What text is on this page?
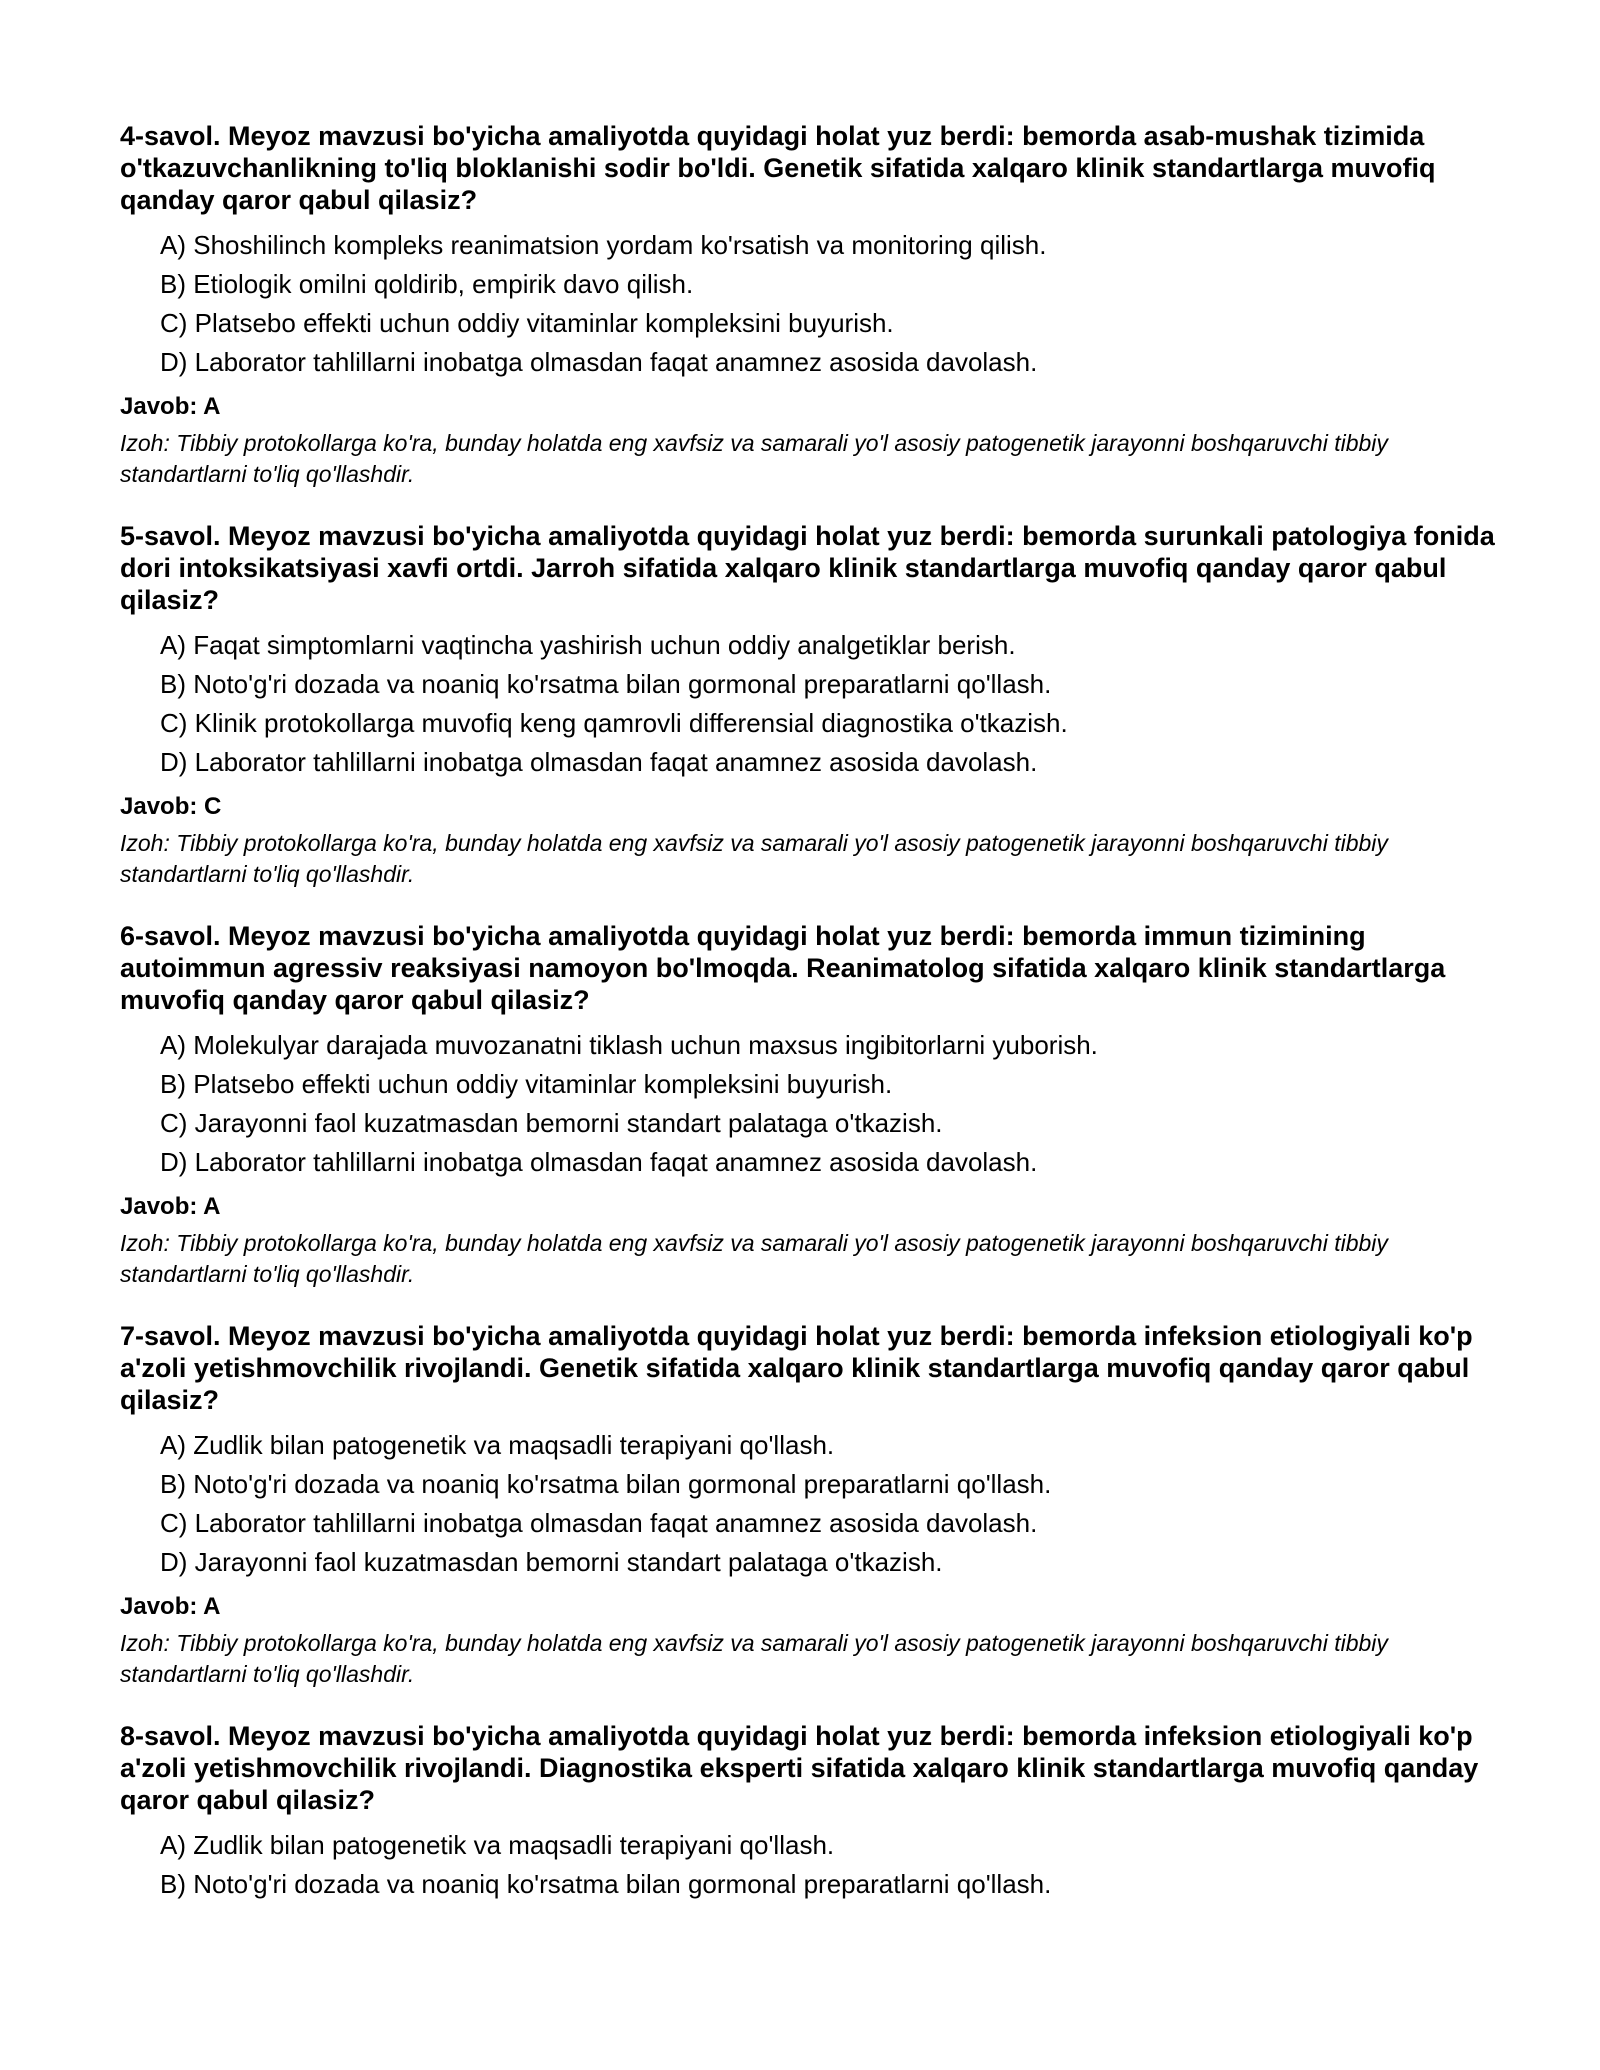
4-savol. Meyoz mavzusi bo'yicha amaliyotda quyidagi holat yuz berdi: bemorda asab-mushak tizimida o'tkazuvchanlikning to'liq bloklanishi sodir bo'ldi. Genetik sifatida xalqaro klinik standartlarga muvofiq qanday qaror qabul qilasiz?
A) Shoshilinch kompleks reanimatsion yordam ko'rsatish va monitoring qilish.
B) Etiologik omilni qoldirib, empirik davo qilish.
C) Platsebo effekti uchun oddiy vitaminlar kompleksini buyurish.
D) Laborator tahlillarni inobatga olmasdan faqat anamnez asosida davolash.
Javob: A
Izoh: Tibbiy protokollarga ko'ra, bunday holatda eng xavfsiz va samarali yo'l asosiy patogenetik jarayonni boshqaruvchi tibbiy standartlarni to'liq qo'llashdir.
5-savol. Meyoz mavzusi bo'yicha amaliyotda quyidagi holat yuz berdi: bemorda surunkali patologiya fonida dori intoksikatsiyasi xavfi ortdi. Jarroh sifatida xalqaro klinik standartlarga muvofiq qanday qaror qabul qilasiz?
A) Faqat simptomlarni vaqtincha yashirish uchun oddiy analgetiklar berish.
B) Noto'g'ri dozada va noaniq ko'rsatma bilan gormonal preparatlarni qo'llash.
C) Klinik protokollarga muvofiq keng qamrovli differensial diagnostika o'tkazish.
D) Laborator tahlillarni inobatga olmasdan faqat anamnez asosida davolash.
Javob: C
Izoh: Tibbiy protokollarga ko'ra, bunday holatda eng xavfsiz va samarali yo'l asosiy patogenetik jarayonni boshqaruvchi tibbiy standartlarni to'liq qo'llashdir.
6-savol. Meyoz mavzusi bo'yicha amaliyotda quyidagi holat yuz berdi: bemorda immun tizimining autoimmun agressiv reaksiyasi namoyon bo'lmoqda. Reanimatolog sifatida xalqaro klinik standartlarga muvofiq qanday qaror qabul qilasiz?
A) Molekulyar darajada muvozanatni tiklash uchun maxsus ingibitorlarni yuborish.
B) Platsebo effekti uchun oddiy vitaminlar kompleksini buyurish.
C) Jarayonni faol kuzatmasdan bemorni standart palataga o'tkazish.
D) Laborator tahlillarni inobatga olmasdan faqat anamnez asosida davolash.
Javob: A
Izoh: Tibbiy protokollarga ko'ra, bunday holatda eng xavfsiz va samarali yo'l asosiy patogenetik jarayonni boshqaruvchi tibbiy standartlarni to'liq qo'llashdir.
7-savol. Meyoz mavzusi bo'yicha amaliyotda quyidagi holat yuz berdi: bemorda infeksion etiologiyali ko'p a'zoli yetishmovchilik rivojlandi. Genetik sifatida xalqaro klinik standartlarga muvofiq qanday qaror qabul qilasiz?
A) Zudlik bilan patogenetik va maqsadli terapiyani qo'llash.
B) Noto'g'ri dozada va noaniq ko'rsatma bilan gormonal preparatlarni qo'llash.
C) Laborator tahlillarni inobatga olmasdan faqat anamnez asosida davolash.
D) Jarayonni faol kuzatmasdan bemorni standart palataga o'tkazish.
Javob: A
Izoh: Tibbiy protokollarga ko'ra, bunday holatda eng xavfsiz va samarali yo'l asosiy patogenetik jarayonni boshqaruvchi tibbiy standartlarni to'liq qo'llashdir.
8-savol. Meyoz mavzusi bo'yicha amaliyotda quyidagi holat yuz berdi: bemorda infeksion etiologiyali ko'p a'zoli yetishmovchilik rivojlandi. Diagnostika eksperti sifatida xalqaro klinik standartlarga muvofiq qanday qaror qabul qilasiz?
A) Zudlik bilan patogenetik va maqsadli terapiyani qo'llash.
B) Noto'g'ri dozada va noaniq ko'rsatma bilan gormonal preparatlarni qo'llash.
